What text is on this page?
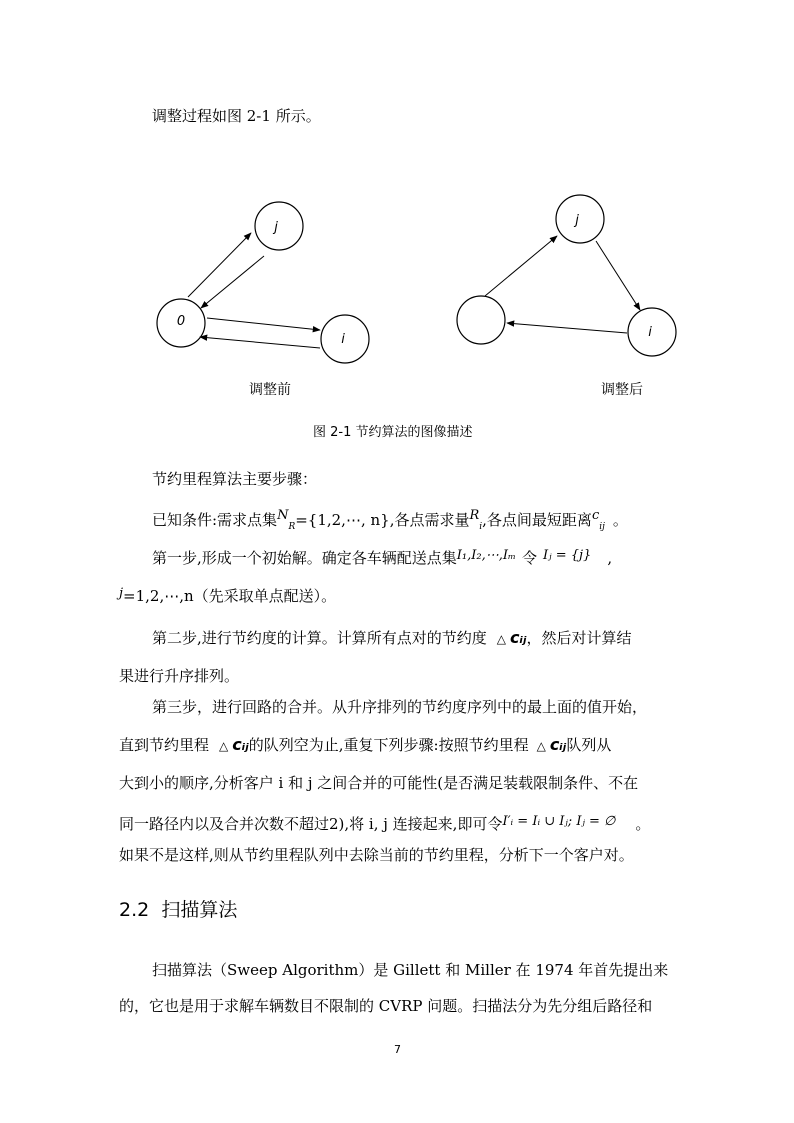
调整过程如图 2-1 所示。
j
0
i
j
i
调整前	调整后
图 2-1 节约算法的图像描述
节约里程算法主要步骤：
已知条件:需求点集$N_R=\{1,2,\cdots$, n},各点需求量$R_i$,各点间最短距离$c_{ij}$ 。
第一步,形成一个初始解。确定各车辆配送点集I₁,I₂,⋯,Iₘ 令 Iⱼ = {j} ,
j=1,2,⋯,n（先采取单点配送）。
第二步,进行节约度的计算。计算所有点对的节约度 △ cᵢⱼ，然后对计算结
果进行升序排列。
第三步，进行回路的合并。从升序排列的节约度序列中的最上面的值开始，
直到节约里程 △ cᵢⱼ的队列空为止,重复下列步骤:按照节约里程 △ cᵢⱼ队列从
大到小的顺序,分析客户 i 和 j 之间合并的可能性(是否满足装载限制条件、不在
同一路径内以及合并次数不超过2),将 i, j 连接起来,即可令I′ᵢ = Iᵢ ∪ Iⱼ; Iⱼ = ∅ 。
如果不是这样,则从节约里程队列中去除当前的节约里程，分析下一个客户对。
2.2 扫描算法
扫描算法（Sweep Algorithm）是 Gillett 和 Miller 在 1974 年首先提出来
的，它也是用于求解车辆数目不限制的 CVRP 问题。扫描法分为先分组后路径和
7
